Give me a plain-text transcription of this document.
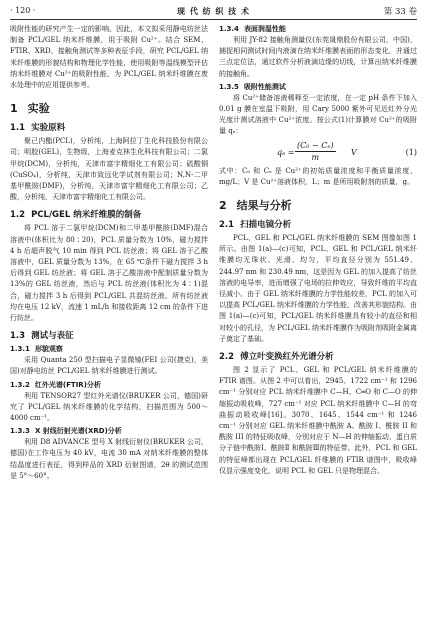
· 120 ·	现 代 纺 织 技 术	第 33 卷

吸附性能的研究产生一定的影响。因此，本文拟采用静电纺丝法制备 PCL/GEL 纳米纤维膜，用于吸附 Cu²⁺。结合 SEM、FTIR、XRD、接触角测试等多种表征手段，研究 PCL/GEL 纳米纤维膜的形貌结构和物理化学性能，使用吸附等温线模型评估纳米纤维膜对 Cu²⁺的吸附性能，为 PCL/GEL 纳米纤维膜在废水处理中的应用提供参考。

1 实验
1.1 实验原料

聚己内酯(PCL)，分析纯，上海阿拉丁生化科技股份有限公司；明胶(GEL)，生物级，上海麦克林生化科技有限公司；二氯甲烷(DCM)，分析纯，天津市富宇精细化工有限公司；硫酸铜(CuSO₄)，分析纯，天津市致远化学试剂有限公司；N,N-二甲基甲酰胺(DMF)，分析纯，天津市富宇精细化工有限公司；乙酸，分析纯，天津市富宇精细化工有限公司。

1.2 PCL/GEL 纳米纤维膜的制备

将 PCL 溶于二氯甲烷(DCM)和二甲基甲酰胺(DMF)混合溶液中(体积比为 80∶20)，PCL 质量分数为 10%，磁力搅拌 4 h 后超声脱气 10 min 得到 PCL 纺丝液；将 GEL 溶于乙酸溶液中，GEL 质量分数为 13%，在 65 ℃条件下磁力搅拌 3 h 后得到 GEL 纺丝液；将 GEL 溶于乙酸溶液中配制质量分数为 13%的 GEL 纺丝液，然后与 PCL 纺丝液(体积比为 4∶1)混合，磁力搅拌 3 h 后得到 PCL/GEL 共混纺丝液。所有纺丝液均在电压 12 kV，流速 1 mL/h 和接收距离 12 cm 的条件下进行纺丝。

1.3 测试与表征
1.3.1 形貌观察

采用 Quanta 250 型扫描电子显微镜(FEI 公司(捷克)，美国)对静电纺丝 PCL/GEL 纳米纤维膜进行测试。

1.3.2 红外光谱(FTIR)分析

利用 TENSOR27 型红外光谱仪(BRUKER 公司，德国)研究了 PCL/GEL 纳米纤维膜的化学结构，扫描范围为 500～4000 cm⁻¹。

1.3.3 X 射线衍射光谱(XRD)分析

利用 D8 ADVANCE 型号 X 射线衍射仪(BRUKER 公司，德国)在工作电压为 40 kV，电流 30 mA 对纳米纤维膜的整体结晶度进行表征，得到样品的 XRD 衍射图谱，2θ 的测试范围是 5°～60°。

1.3.4 表面润湿性能

利用 JY-82 接触角测量仪(东莞晟鼎股份有限公司，中国)，捕捉相同测试时间内液滴在纳米纤维膜表面的形态变化，并通过三点定位法，通过软件分析液滴边缘的切线，计算出纳米纤维膜的接触角。

1.3.5 吸附性能测试

将 Cu²⁺储备溶液稀释至一定浓度，在一定 pH 条件下加入 0.01 g 膜在室温下吸附，用 Cary 5000 紫外可见近红外分光光度计测试溶液中 Cu²⁺浓度。按公式(1)计算膜对 Cu²⁺的吸附量 qₑ：

$q_e = \frac{\text{(C₀ − Cₑ)}}{m}$ V	(1)

式中：C₀ 和 Cₑ 是 Cu²⁺的初始质量浓度和平衡质量浓度，mg/L；V 是 Cu²⁺溶液体积，L；m 是所用吸附剂的质量，g。

2 结果与分析
2.1 扫描电镜分析

PCL、GEL 和 PCL/GEL 纳米纤维膜的 SEM 图像如图 1 所示。由图 1(a)—(c)可知，PCL、GEL 和 PCL/GEL 纳米纤维膜均无珠状、光滑、均匀，平均直径分别为 551.49、244.97 nm 和 230.49 nm，这是因为 GEL 的加入提高了纺丝溶液的电导率，进而增强了电场的拉伸效应，导致纤维的平均直径减小。由于 GEL 纳米纤维膜的力学性能较差，PCL 的加入可以提高 PCL/GEL 纳米纤维膜的力学性能，改善其形貌结构。由图 1(a)—(c)可知，PCL/GEL 纳米纤维膜具有较小的直径和相对较小的孔径，为 PCL/GEL 纳米纤维膜作为吸附剂吸附金属离子奠定了基础。

2.2 傅立叶变换红外光谱分析

图 2 显示了 PCL、GEL 和 PCL/GEL 纳米纤维膜的 FTIR 谱图。从图 2 中可以看出，2945、1722 cm⁻¹ 和 1296 cm⁻¹ 分别对应 PCL 纳米纤维膜中 C—H、C═O 和 C—O 的伸缩振动吸收峰，727 cm⁻¹ 对应 PCL 纳米纤维膜中 C—H 的弯曲振动吸收峰[16]。3070、1645、1544 cm⁻¹ 和 1246 cm⁻¹ 分别对应 GEL 纳米纤维膜中酰胺 A、酰胺 I、酰胺 II 和酰胺 III 的特征吸收峰，分别对应于 N—H 的伸缩振动、蛋白质分子链中酰胺Ⅰ、酰胺Ⅱ 和酰胺Ⅲ的特征带。此外，PCL 和 GEL 的特征峰都出现在 PCL/GEL 纤维膜的 FTIR 谱图中，吸收峰仅显示强度变化，说明 PCL 和 GEL 只是物理混合。
